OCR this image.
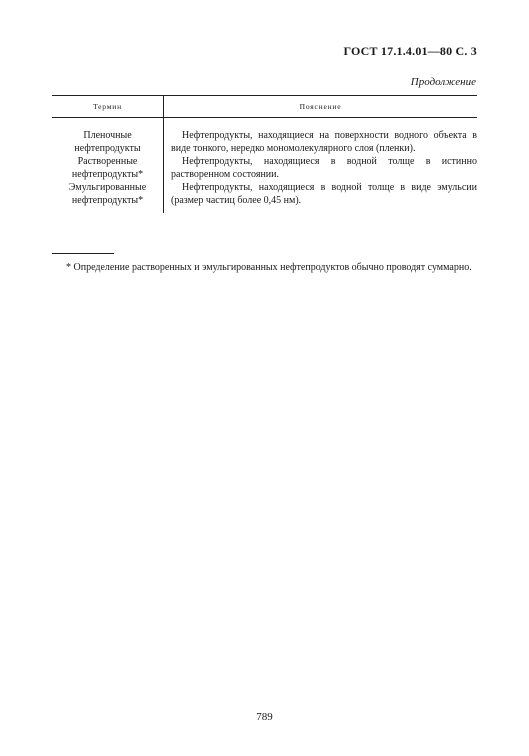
ГОСТ 17.1.4.01—80 С. 3
Продолжение
Термин	Пояснение
Пленочные
нефтепродукты
Нефтепродукты, находящиеся на поверхности водного объекта в виде тонкого, нередко мономолекулярного слоя (пленки).
Растворенные
нефтепродукты*
Нефтепродукты, находящиеся в водной толще в истинно растворенном состоянии.
Эмульгированные
нефтепродукты*
Нефтепродукты, находящиеся в водной толще в виде эмульсии (размер частиц более 0,45 нм).
* Определение растворенных и эмульгированных нефтепродуктов обычно проводят суммарно.
789
